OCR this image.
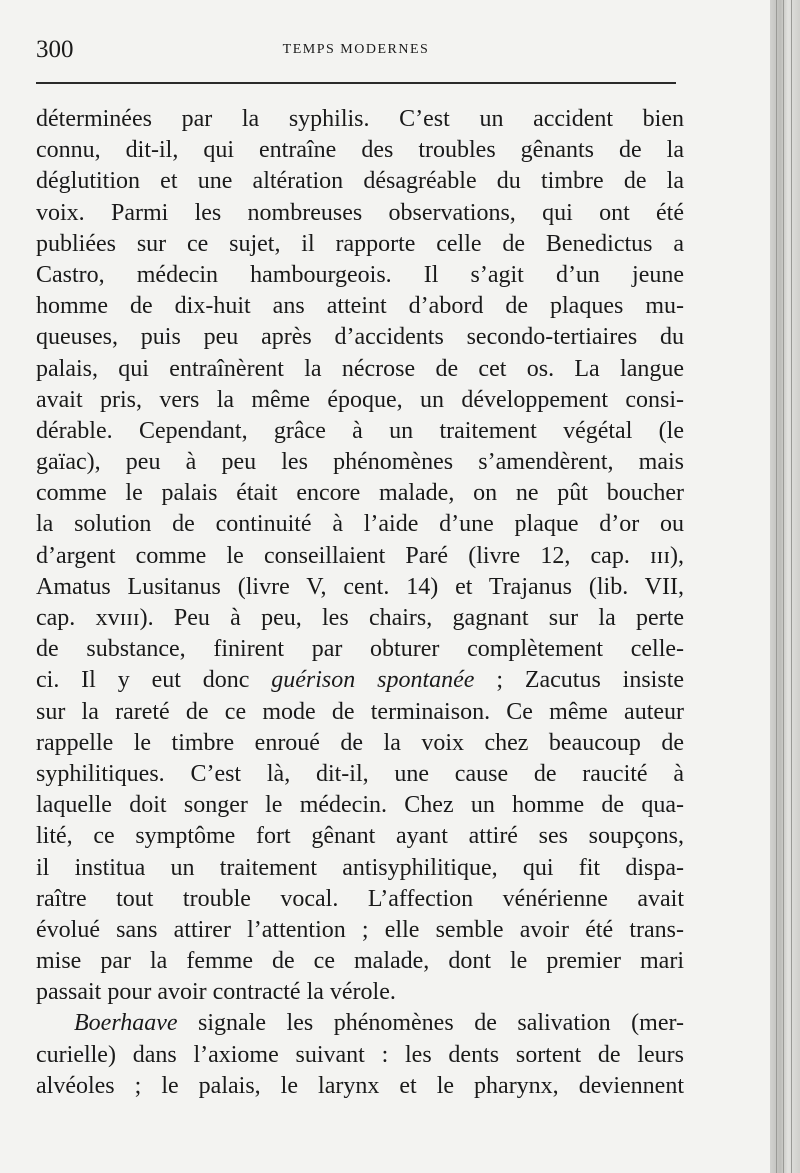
300	TEMPS MODERNES
déterminées par la syphilis. C’est un accident bien
connu, dit-il, qui entraîne des troubles gênants de la
déglutition et une altération désagréable du timbre de la
voix. Parmi les nombreuses observations, qui ont été
publiées sur ce sujet, il rapporte celle de Benedictus a
Castro, médecin hambourgeois. Il s’agit d’un jeune
homme de dix-huit ans atteint d’abord de plaques mu-
queuses, puis peu après d’accidents secondo-tertiaires du
palais, qui entraînèrent la nécrose de cet os. La langue
avait pris, vers la même époque, un développement consi-
dérable. Cependant, grâce à un traitement végétal (le
gaïac), peu à peu les phénomènes s’amendèrent, mais
comme le palais était encore malade, on ne pût boucher
la solution de continuité à l’aide d’une plaque d’or ou
d’argent comme le conseillaient Paré (livre 12, cap. ɪɪɪ),
Amatus Lusitanus (livre V, cent. 14) et Trajanus (lib. VII,
cap. xᴠɪɪɪ). Peu à peu, les chairs, gagnant sur la perte
de substance, finirent par obturer complètement celle-
ci. Il y eut donc guérison spontanée ; Zacutus insiste
sur la rareté de ce mode de terminaison. Ce même auteur
rappelle le timbre enroué de la voix chez beaucoup de
syphilitiques. C’est là, dit-il, une cause de raucité à
laquelle doit songer le médecin. Chez un homme de qua-
lité, ce symptôme fort gênant ayant attiré ses soupçons,
il institua un traitement antisyphilitique, qui fit dispa-
raître tout trouble vocal. L’affection vénérienne avait
évolué sans attirer l’attention ; elle semble avoir été trans-
mise par la femme de ce malade, dont le premier mari
passait pour avoir contracté la vérole.
Boerhaave signale les phénomènes de salivation (mer-
curielle) dans l’axiome suivant : les dents sortent de leurs
alvéoles ; le palais, le larynx et le pharynx, deviennent
